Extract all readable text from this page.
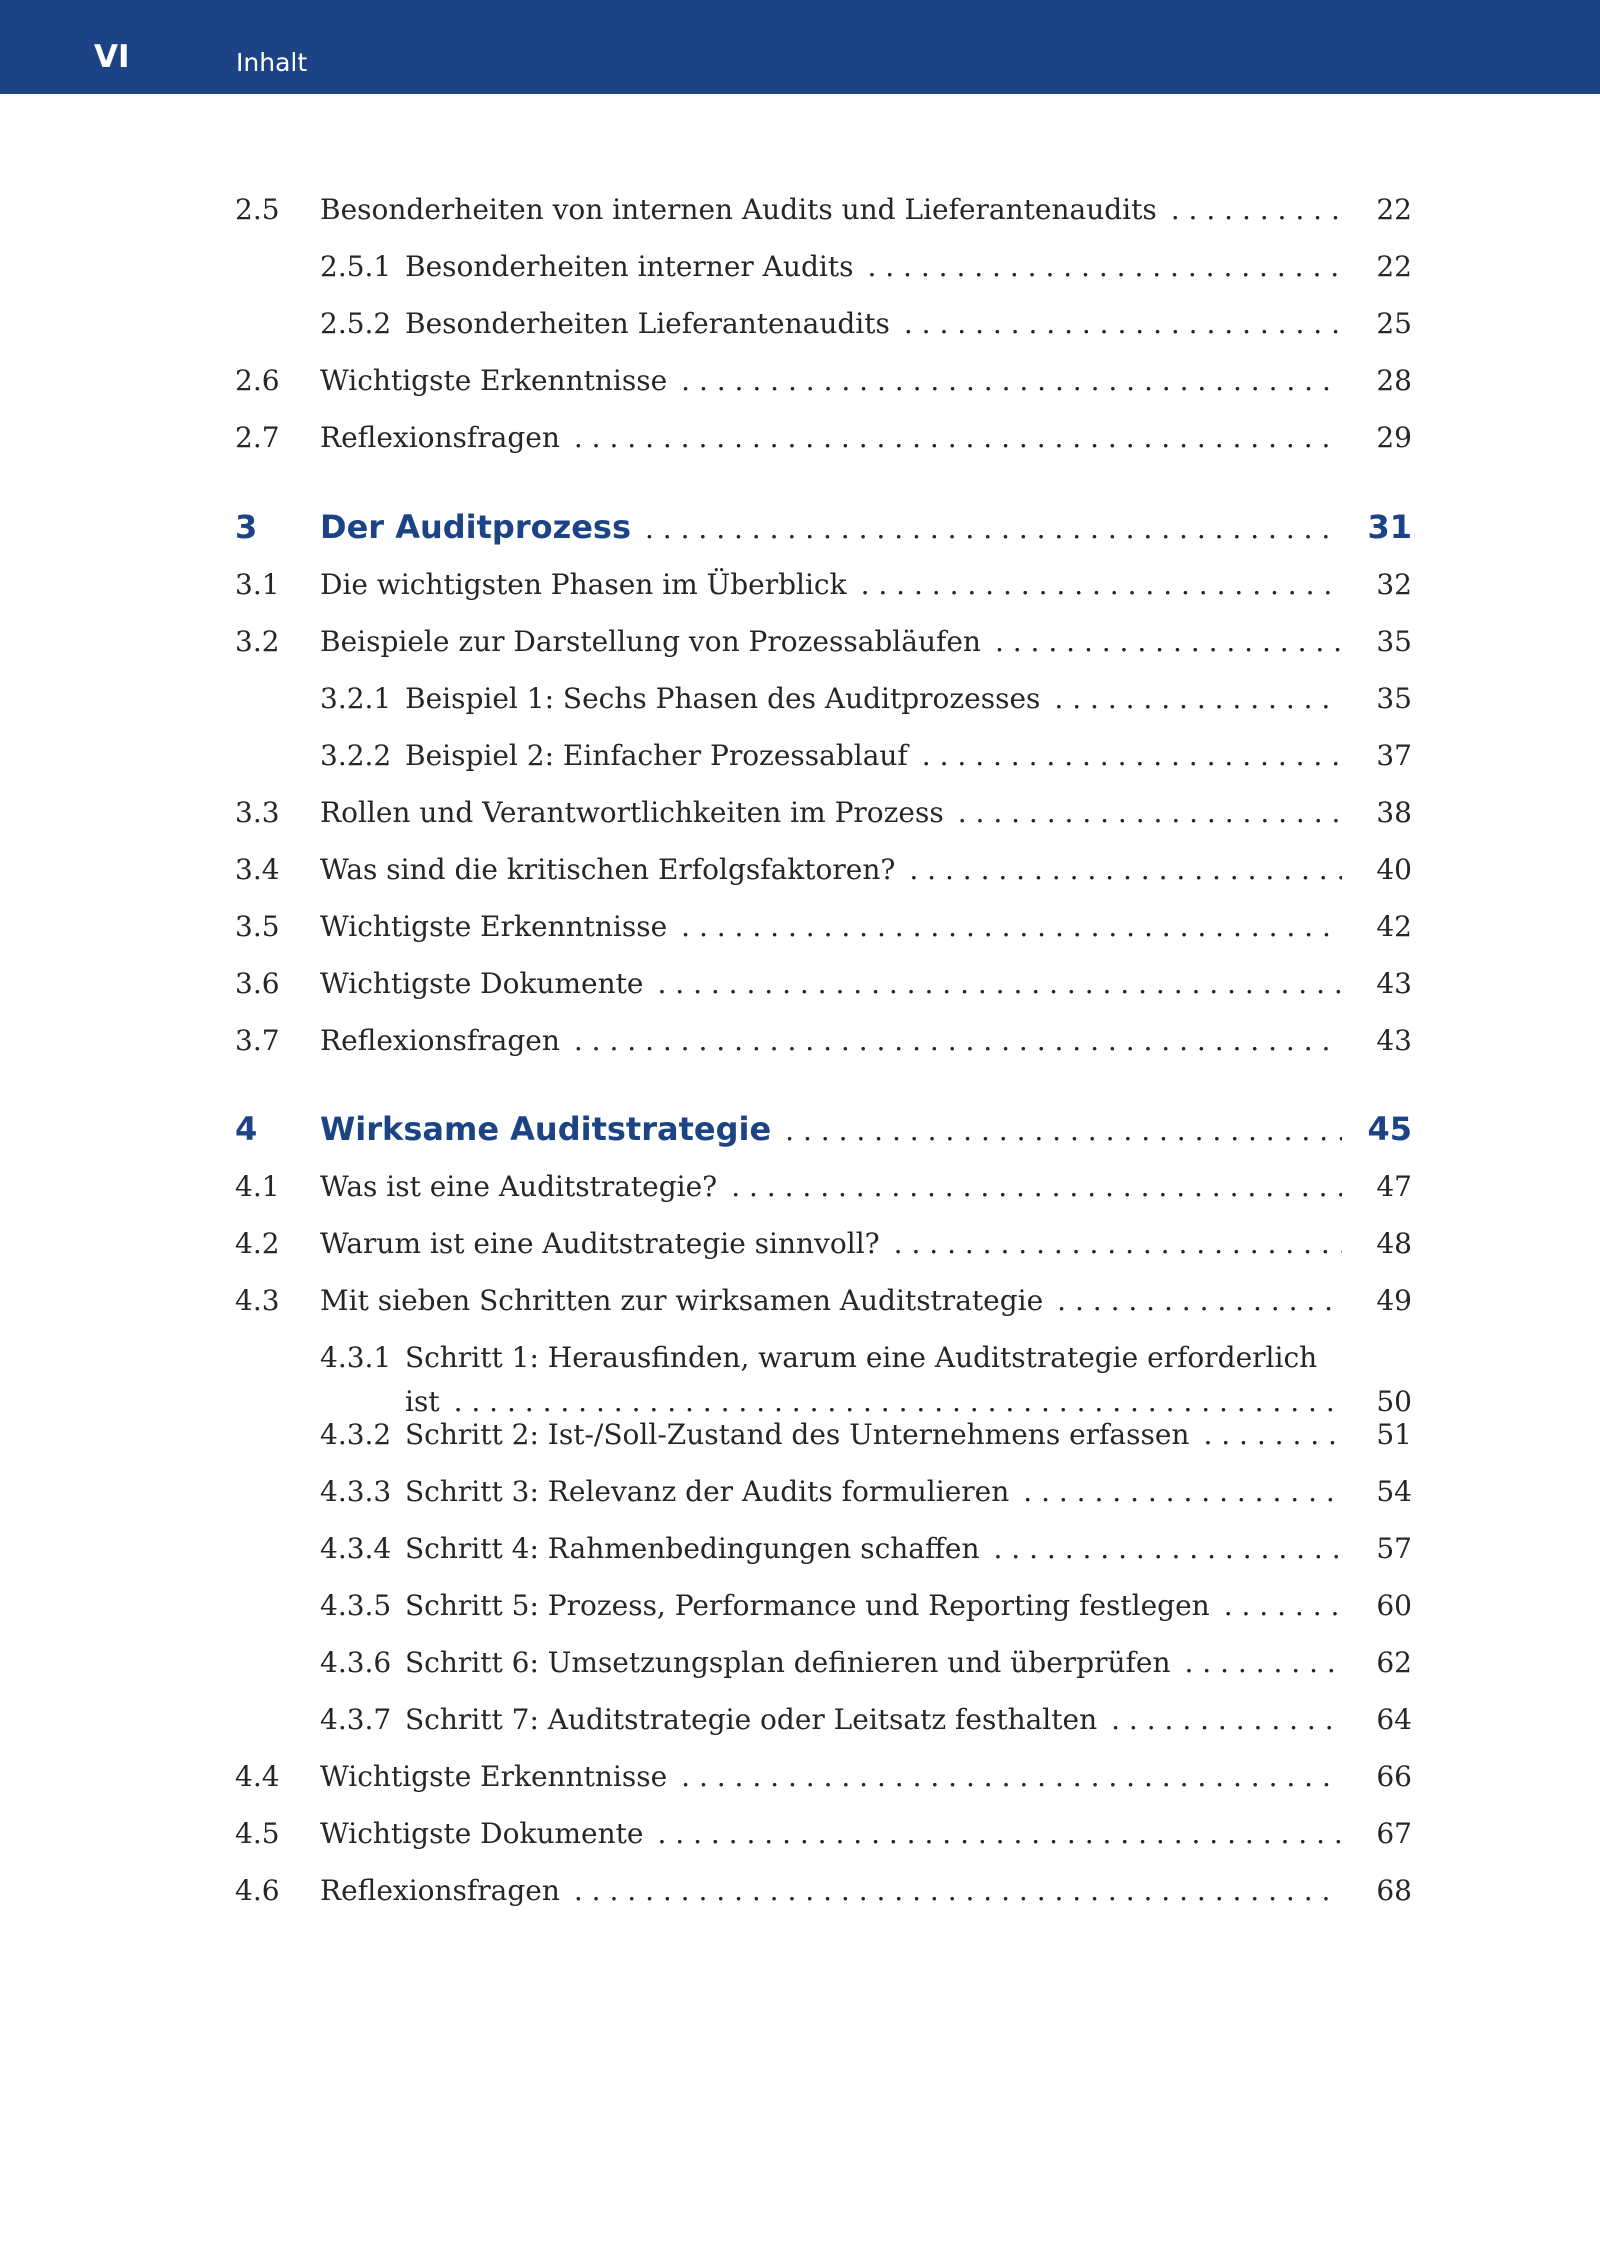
VI	Inhalt
2.5 Besonderheiten von internen Audits und Lieferantenaudits . . .	22
2.5.1 Besonderheiten interner Audits . . .	22
2.5.2 Besonderheiten Lieferantenaudits . . .	25
2.6 Wichtigste Erkenntnisse . . .	28
2.7 Reflexionsfragen . . .	29
3 Der Auditprozess . . .	31
3.1 Die wichtigsten Phasen im Überblick . . .	32
3.2 Beispiele zur Darstellung von Prozessabläufen . . .	35
3.2.1 Beispiel 1: Sechs Phasen des Auditprozesses . . .	35
3.2.2 Beispiel 2: Einfacher Prozessablauf . . .	37
3.3 Rollen und Verantwortlichkeiten im Prozess . . .	38
3.4 Was sind die kritischen Erfolgsfaktoren? . . .	40
3.5 Wichtigste Erkenntnisse . . .	42
3.6 Wichtigste Dokumente . . .	43
3.7 Reflexionsfragen . . .	43
4 Wirksame Auditstrategie . . .	45
4.1 Was ist eine Auditstrategie? . . .	47
4.2 Warum ist eine Auditstrategie sinnvoll? . . .	48
4.3 Mit sieben Schritten zur wirksamen Auditstrategie . . .	49
4.3.1 Schritt 1: Herausfinden, warum eine Auditstrategie erforderlich
ist . . .	50
4.3.2 Schritt 2: Ist-/Soll-Zustand des Unternehmens erfassen . . .	51
4.3.3 Schritt 3: Relevanz der Audits formulieren . . .	54
4.3.4 Schritt 4: Rahmenbedingungen schaffen . . .	57
4.3.5 Schritt 5: Prozess, Performance und Reporting festlegen . . .	60
4.3.6 Schritt 6: Umsetzungsplan definieren und überprüfen . . .	62
4.3.7 Schritt 7: Auditstrategie oder Leitsatz festhalten . . .	64
4.4 Wichtigste Erkenntnisse . . .	66
4.5 Wichtigste Dokumente . . .	67
4.6 Reflexionsfragen . . .	68
